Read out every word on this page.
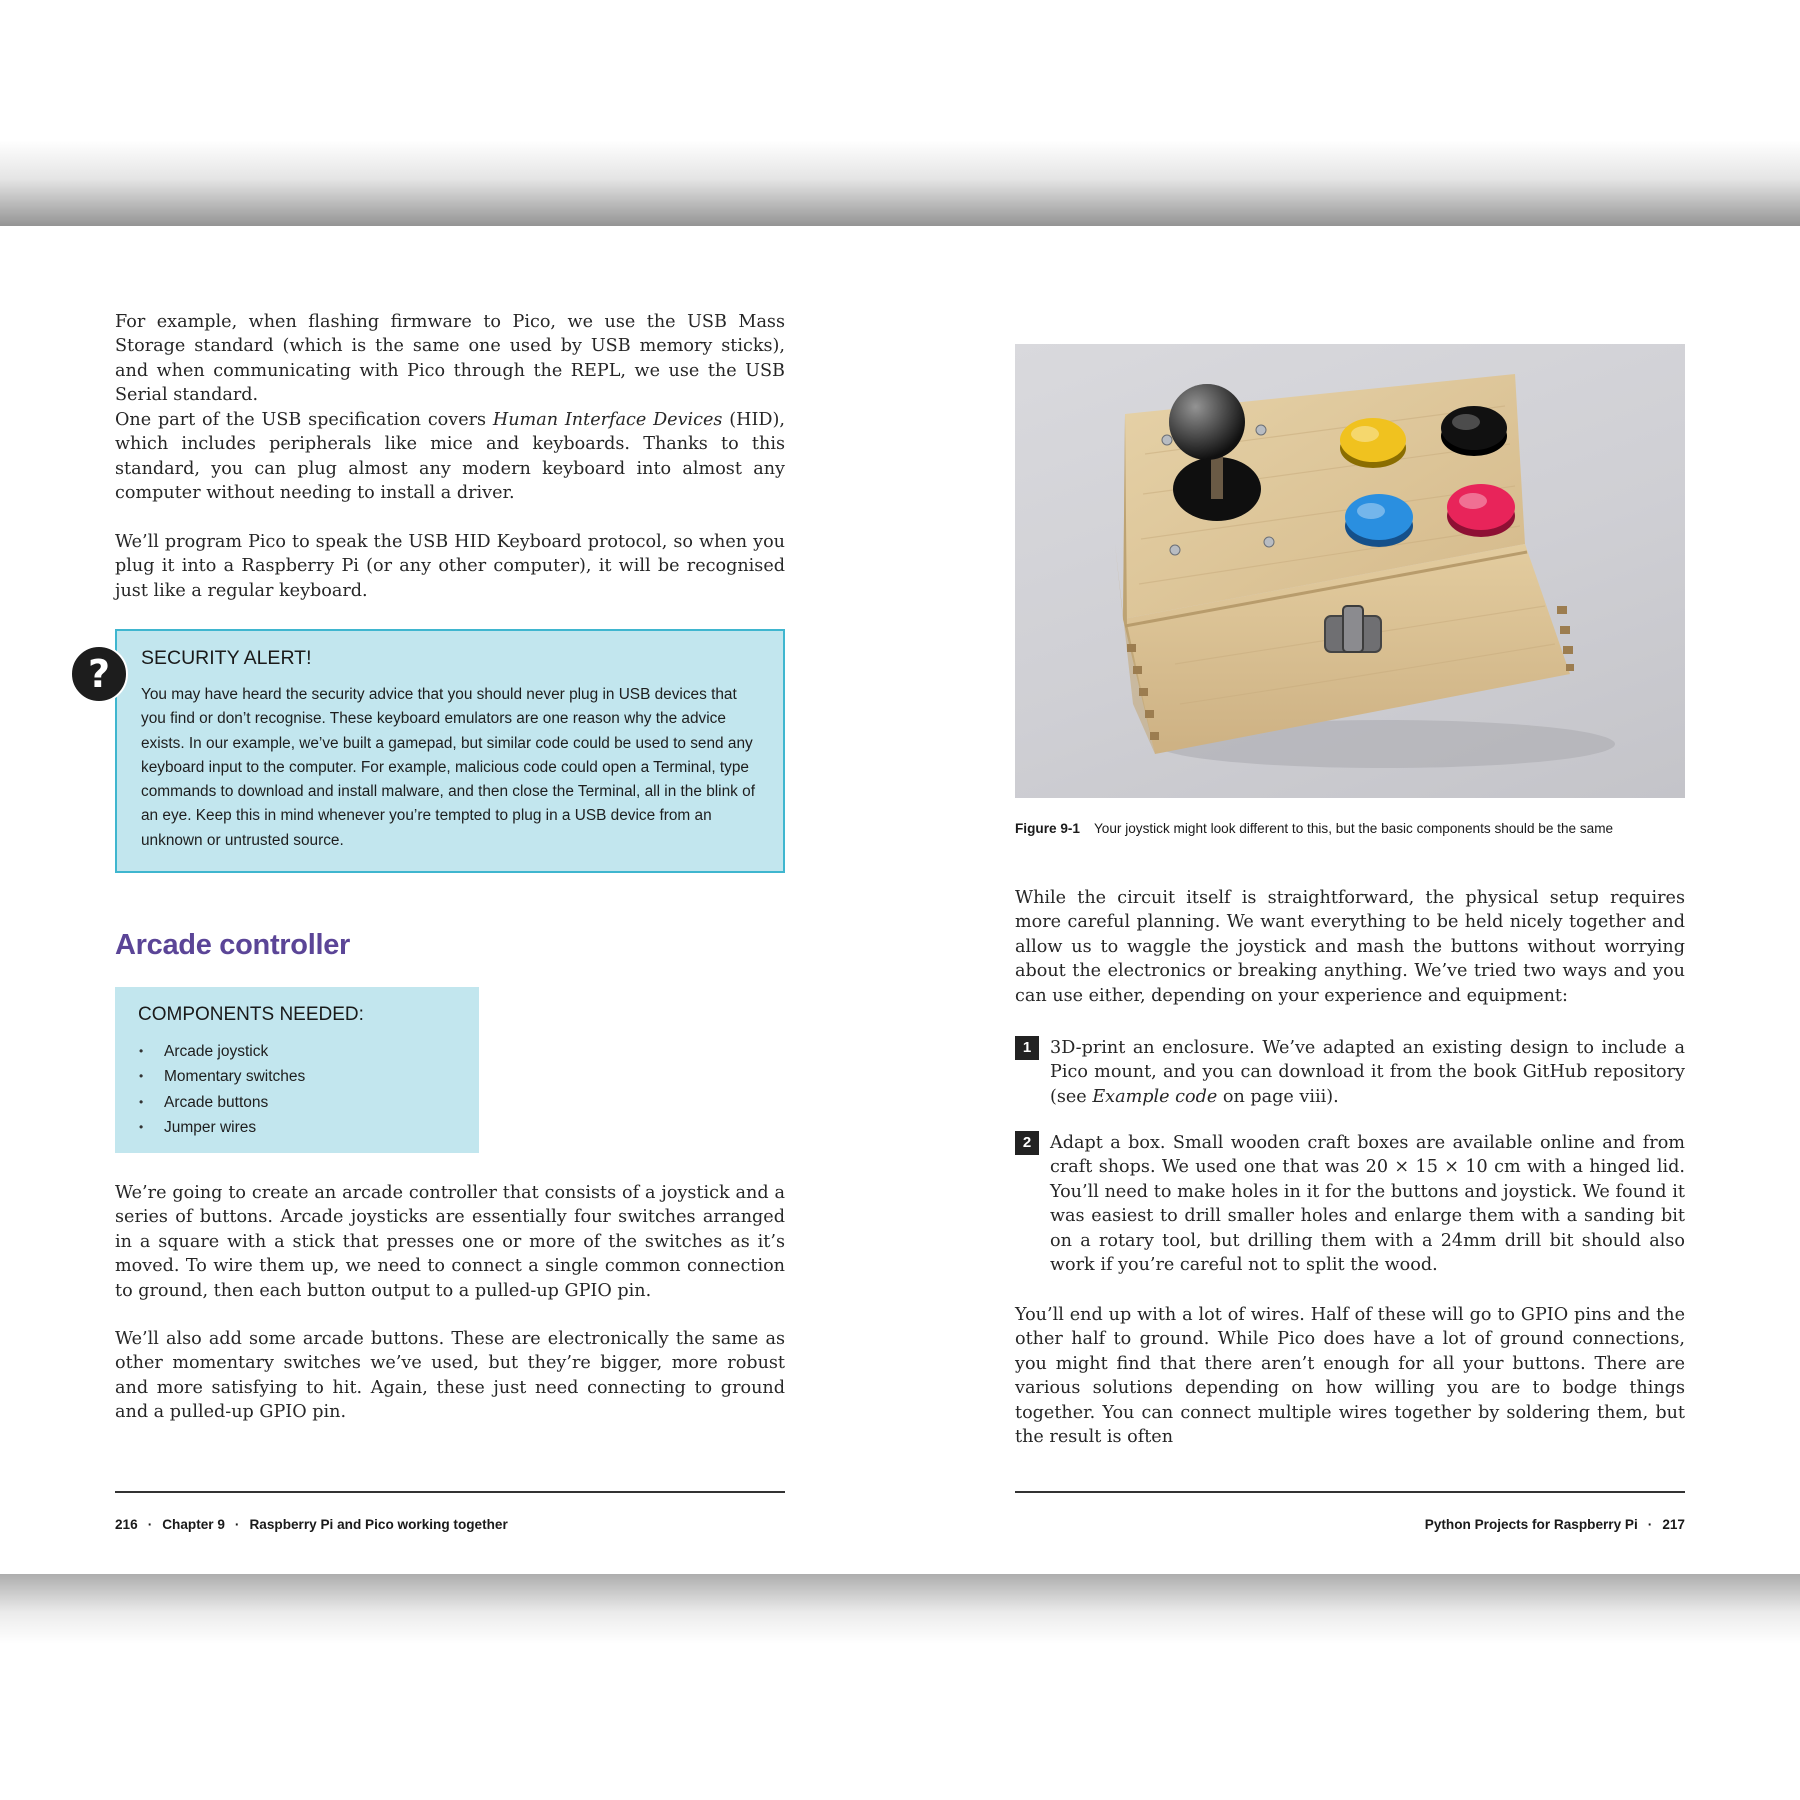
For example, when flashing firmware to Pico, we use the USB Mass Storage standard (which is the same one used by USB memory sticks), and when communicating with Pico through the REPL, we use the USB Serial standard.

One part of the USB specification covers Human Interface Devices (HID), which includes peripherals like mice and keyboards. Thanks to this standard, you can plug almost any modern keyboard into almost any computer without needing to install a driver.

We’ll program Pico to speak the USB HID Keyboard protocol, so when you plug it into a Raspberry Pi (or any other computer), it will be recognised just like a regular keyboard.

SECURITY ALERT!
You may have heard the security advice that you should never plug in USB devices that you find or don’t recognise. These keyboard emulators are one reason why the advice exists. In our example, we’ve built a gamepad, but similar code could be used to send any keyboard input to the computer. For example, malicious code could open a Terminal, type commands to download and install malware, and then close the Terminal, all in the blink of an eye. Keep this in mind whenever you’re tempted to plug in a USB device from an unknown or untrusted source.
?
Arcade controller
COMPONENTS NEEDED:
• Arcade joystick
• Momentary switches
• Arcade buttons
• Jumper wires

We’re going to create an arcade controller that consists of a joystick and a series of buttons. Arcade joysticks are essentially four switches arranged in a square with a stick that presses one or more of the switches as it’s moved. To wire them up, we need to connect a single common connection to ground, then each button output to a pulled-up GPIO pin.

We’ll also add some arcade buttons. These are electronically the same as other momentary switches we’ve used, but they’re bigger, more robust and more satisfying to hit. Again, these just need connecting to ground and a pulled-up GPIO pin.

216 · Chapter 9 · Raspberry Pi and Pico working together
Figure 9-1 Your joystick might look different to this, but the basic components should be the same

While the circuit itself is straightforward, the physical setup requires more careful planning. We want everything to be held nicely together and allow us to waggle the joystick and mash the buttons without worrying about the electronics or breaking anything. We’ve tried two ways and you can use either, depending on your experience and equipment:

1	3D-print an enclosure. We’ve adapted an existing design to include a Pico mount, and you can download it from the book GitHub repository (see Example code on page viii).

2	Adapt a box. Small wooden craft boxes are available online and from craft shops. We used one that was 20 × 15 × 10 cm with a hinged lid. You’ll need to make holes in it for the buttons and joystick. We found it was easiest to drill smaller holes and enlarge them with a sanding bit on a rotary tool, but drilling them with a 24mm drill bit should also work if you’re careful not to split the wood.

You’ll end up with a lot of wires. Half of these will go to GPIO pins and the other half to ground. While Pico does have a lot of ground connections, you might find that there aren’t enough for all your buttons. There are various solutions depending on how willing you are to bodge things together. You can connect multiple wires together by soldering them, but the result is often

Python Projects for Raspberry Pi · 217
